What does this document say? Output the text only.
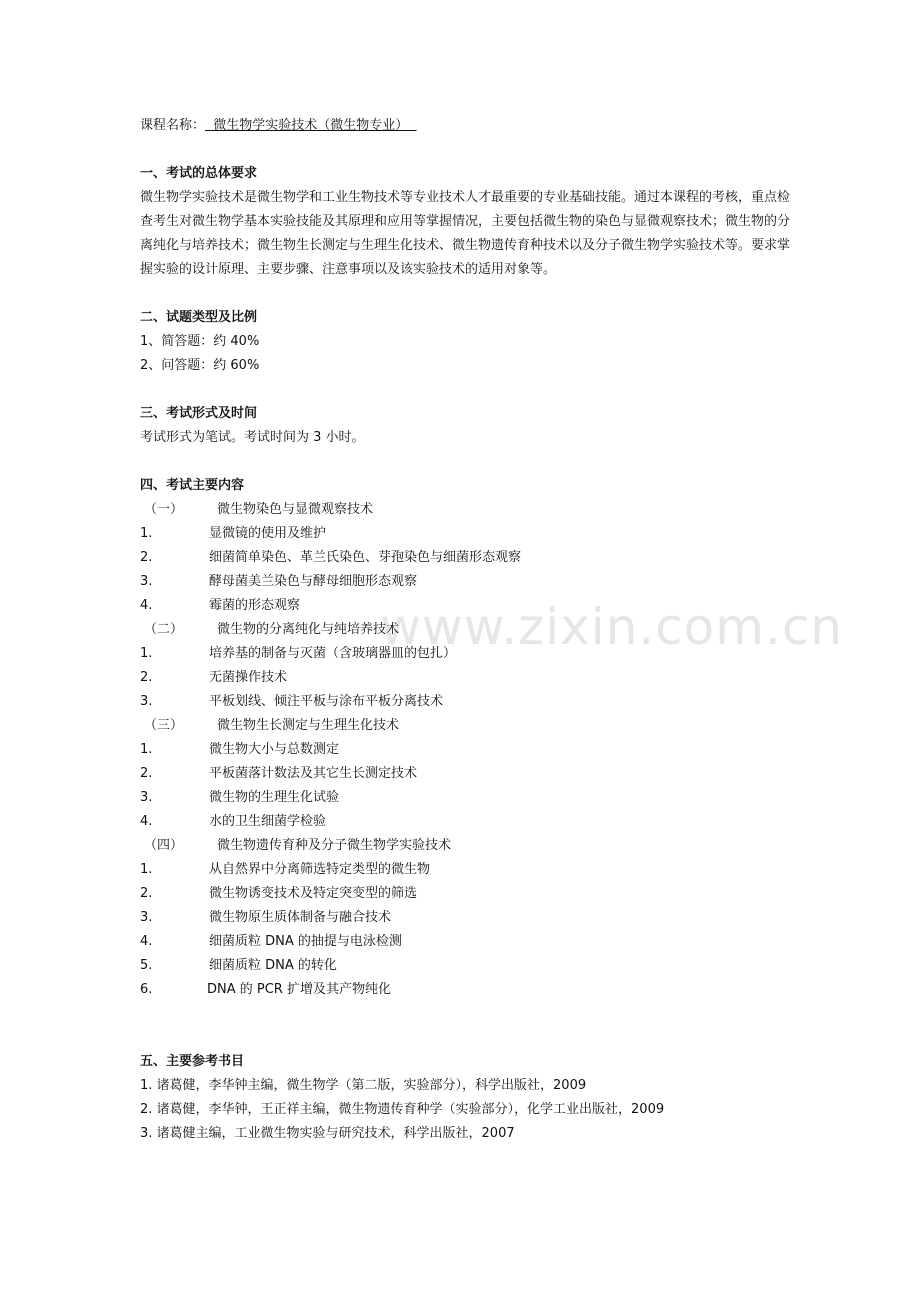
www.zixin.com.cn
课程名称：  微生物学实验技术（微生物专业）
一、考试的总体要求
微生物学实验技术是微生物学和工业生物技术等专业技术人才最重要的专业基础技能。通过本课程的考核，重点检查考生对微生物学基本实验技能及其原理和应用等掌握情况，主要包括微生物的染色与显微观察技术；微生物的分离纯化与培养技术；微生物生长测定与生理生化技术、微生物遗传育种技术以及分子微生物学实验技术等。要求掌握实验的设计原理、主要步骤、注意事项以及该实验技术的适用对象等。
二、试题类型及比例
1、简答题：约 40%
2、问答题：约 60%
三、考试形式及时间
考试形式为笔试。考试时间为 3 小时。
四、考试主要内容
（一）	微生物染色与显微观察技术
1.	显微镜的使用及维护
2.	细菌简单染色、革兰氏染色、芽孢染色与细菌形态观察
3.	酵母菌美兰染色与酵母细胞形态观察
4.	霉菌的形态观察
（二）	微生物的分离纯化与纯培养技术
1.	培养基的制备与灭菌（含玻璃器皿的包扎）
2.	无菌操作技术
3.	平板划线、倾注平板与涂布平板分离技术
（三）	微生物生长测定与生理生化技术
1.	微生物大小与总数测定
2.	平板菌落计数法及其它生长测定技术
3.	微生物的生理生化试验
4.	水的卫生细菌学检验
（四）	微生物遗传育种及分子微生物学实验技术
1.	从自然界中分离筛选特定类型的微生物
2.	微生物诱变技术及特定突变型的筛选
3.	微生物原生质体制备与融合技术
4.	细菌质粒 DNA 的抽提与电泳检测
5.	细菌质粒 DNA 的转化
6.	DNA 的 PCR 扩增及其产物纯化
五、主要参考书目
1. 诸葛健，李华钟主编，微生物学（第二版，实验部分），科学出版社，2009
2. 诸葛健，李华钟，王正祥主编，微生物遗传育种学（实验部分），化学工业出版社，2009
3. 诸葛健主编，工业微生物实验与研究技术，科学出版社，2007
